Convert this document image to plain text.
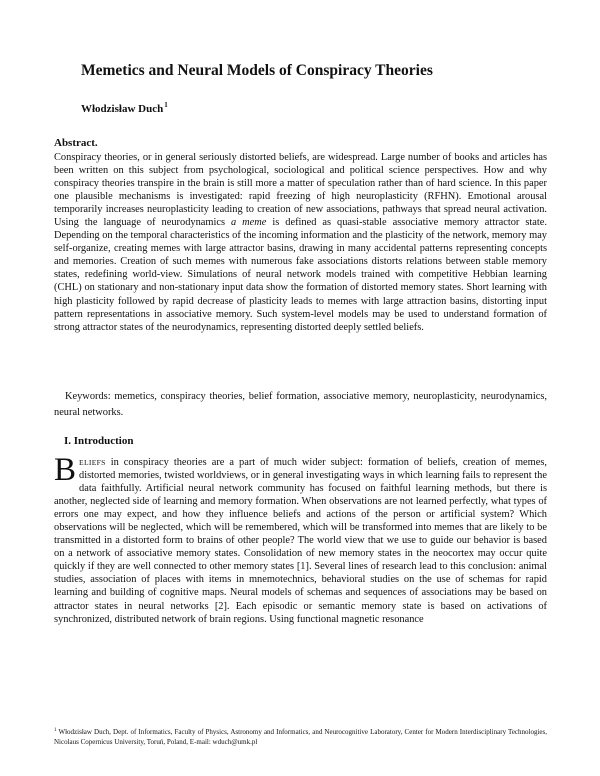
Memetics and Neural Models of Conspiracy Theories
Włodzisław Duch$^1$
Abstract.
Conspiracy theories, or in general seriously distorted beliefs, are widespread. Large number of books and articles has been written on this subject from psychological, sociological and political science perspectives. How and why conspiracy theories transpire in the brain is still more a matter of speculation rather than of hard science. In this paper one plausible mechanisms is investigated: rapid freezing of high neuroplasticity (RFHN). Emotional arousal temporarily increases neuroplasticity leading to creation of new associations, pathways that spread neural activation. Using the language of neurodynamics a meme is defined as quasi-stable associative memory attractor state. Depending on the temporal characteristics of the incoming information and the plasticity of the network, memory may self-organize, creating memes with large attractor basins, drawing in many accidental patterns representing concepts and memories. Creation of such memes with numerous fake associations distorts relations between stable memory states, redefining world-view. Simulations of neural network models trained with competitive Hebbian learning (CHL) on stationary and non-stationary input data show the formation of distorted memory states. Short learning with high plasticity followed by rapid decrease of plasticity leads to memes with large attraction basins, distorting input pattern representations in associative memory. Such system-level models may be used to understand formation of strong attractor states of the neurodynamics, representing distorted deeply settled beliefs.
Keywords: memetics, conspiracy theories, belief formation, associative memory, neuroplasticity, neurodynamics, neural networks.
I. Introduction
BELIEFS in conspiracy theories are a part of much wider subject: formation of beliefs, creation of memes, distorted memories, twisted worldviews, or in general investigating ways in which learning fails to represent the data faithfully. Artificial neural network community has focused on faithful learning methods, but there is another, neglected side of learning and memory formation. When observations are not learned perfectly, what types of errors one may expect, and how they influence beliefs and actions of the person or artificial system? Which observations will be neglected, which will be remembered, which will be transformed into memes that are likely to be transmitted in a distorted form to brains of other people? The world view that we use to guide our behavior is based on a network of associative memory states. Consolidation of new memory states in the neocortex may occur quite quickly if they are well connected to other memory states [1]. Several lines of research lead to this conclusion: animal studies, association of places with items in mnemotechnics, behavioral studies on the use of schemas for rapid learning and building of cognitive maps. Neural models of schemas and sequences of associations may be based on attractor states in neural networks [2]. Each episodic or semantic memory state is based on activations of synchronized, distributed network of brain regions. Using functional magnetic resonance
$^1$ Włodzisław Duch, Dept. of Informatics, Faculty of Physics, Astronomy and Informatics, and Neurocognitive Laboratory, Center for Modern Interdisciplinary Technologies, Nicolaus Copernicus University, Toruń, Poland, E-mail: wduch@umk.pl
